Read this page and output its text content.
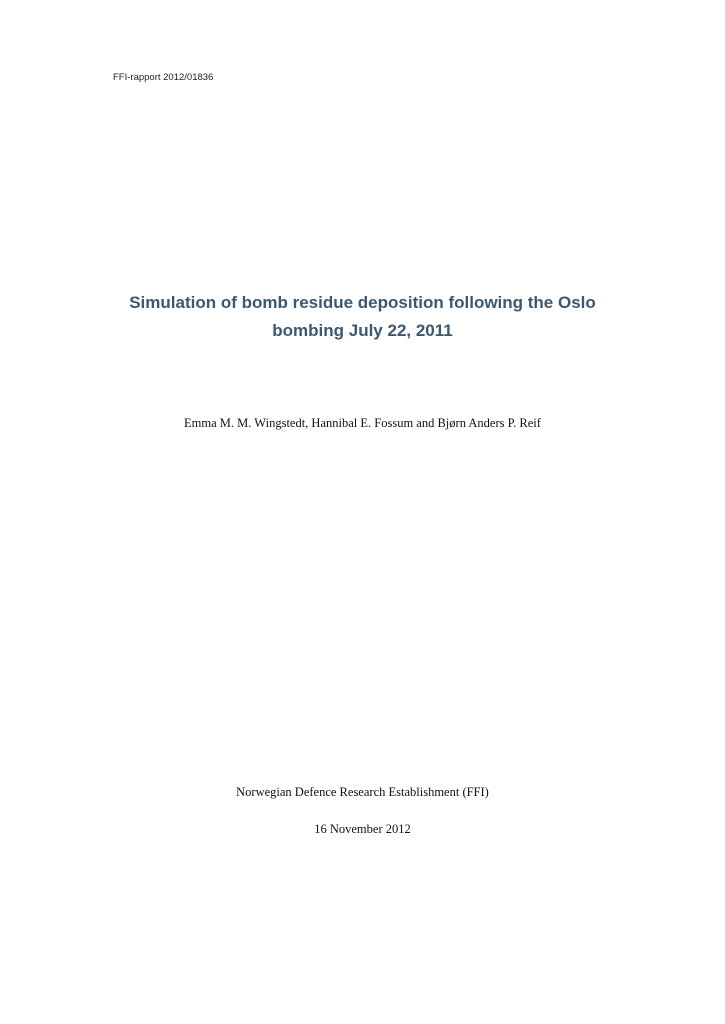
FFI-rapport 2012/01836
Simulation of bomb residue deposition following the Oslo
bombing July 22, 2011
Emma M. M. Wingstedt, Hannibal E. Fossum and Bjørn Anders P. Reif
Norwegian Defence Research Establishment (FFI)
16 November 2012
